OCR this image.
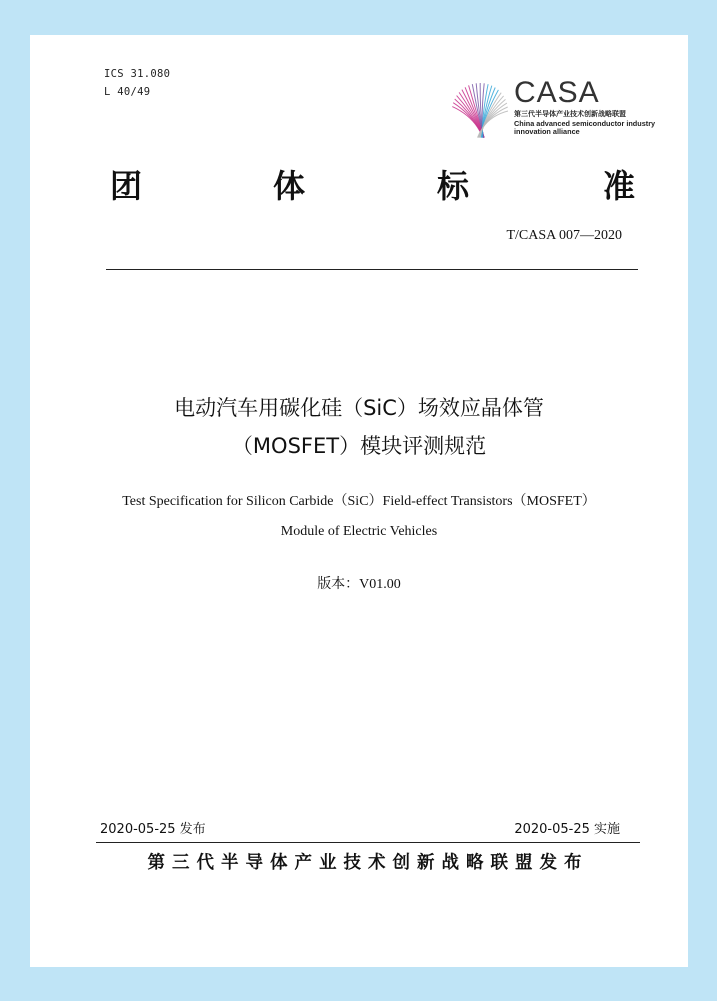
ICS 31.080
L 40/49	CASA
第三代半导体产业技术创新战略联盟
China advanced semiconductor industry
innovation alliance
团	体	标	准
T/CASA 007—2020
电动汽车用碳化硅（SiC）场效应晶体管
（MOSFET）模块评测规范
Test Specification for Silicon Carbide（SiC）Field-effect Transistors（MOSFET）
Module of Electric Vehicles
版本：V01.00
2020-05-25 发布	2020-05-25 实施
第三代半导体产业技术创新战略联盟发布
